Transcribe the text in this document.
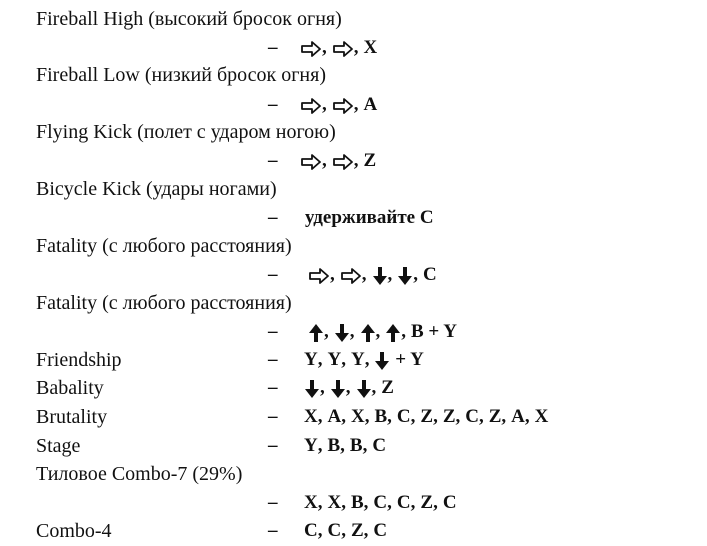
Fireball High (высокий бросок огня)
Fireball Low (низкий бросок огня)
Flying Kick (полет с ударом ногою)
Bicycle Kick (удары ногами)
Fatality (с любого расстояния)
Fatality (с любого расстояния)
Friendship
Babality
Brutality
Stage
Тиловое Combo-7 (29%)
Combo-4
–
–
–
–
–
–
–
–
–
–
–
–
, , X
, , A
, , Z
удерживайте C
, , , , C
, , , , B + Y
Y , Y , Y ,	+ Y
, , , Z
X , A , X , B , C , Z , Z , C , Z , A , X
Y , B , B , C
X , X , B , C , C , Z , C
C , C , Z , C
